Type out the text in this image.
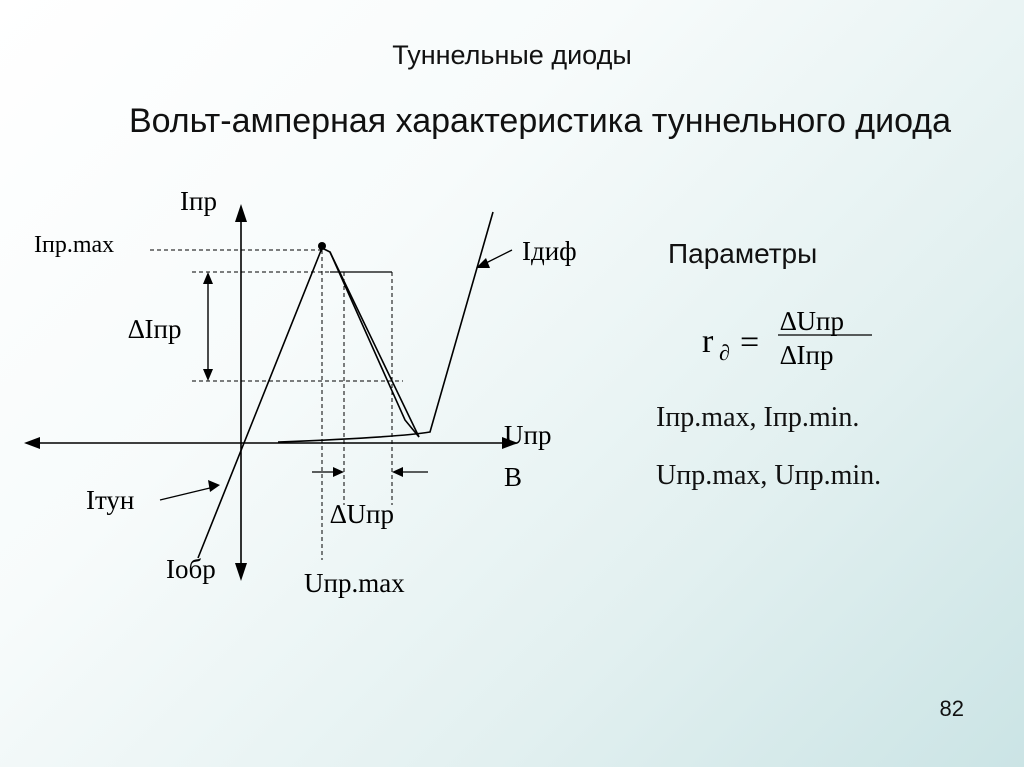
Туннельные диоды
Вольт-амперная характеристика туннельного диода
Iпр
Iпр.max
∆Iпр
Iдиф
Uпр
В
Iтун
Iобр
∆Uпр
Uпр.max
r ∂ =
∆Uпр
∆Iпр
Параметры
Iпр.max, Iпр.min.
Uпр.max, Uпр.min.
82
